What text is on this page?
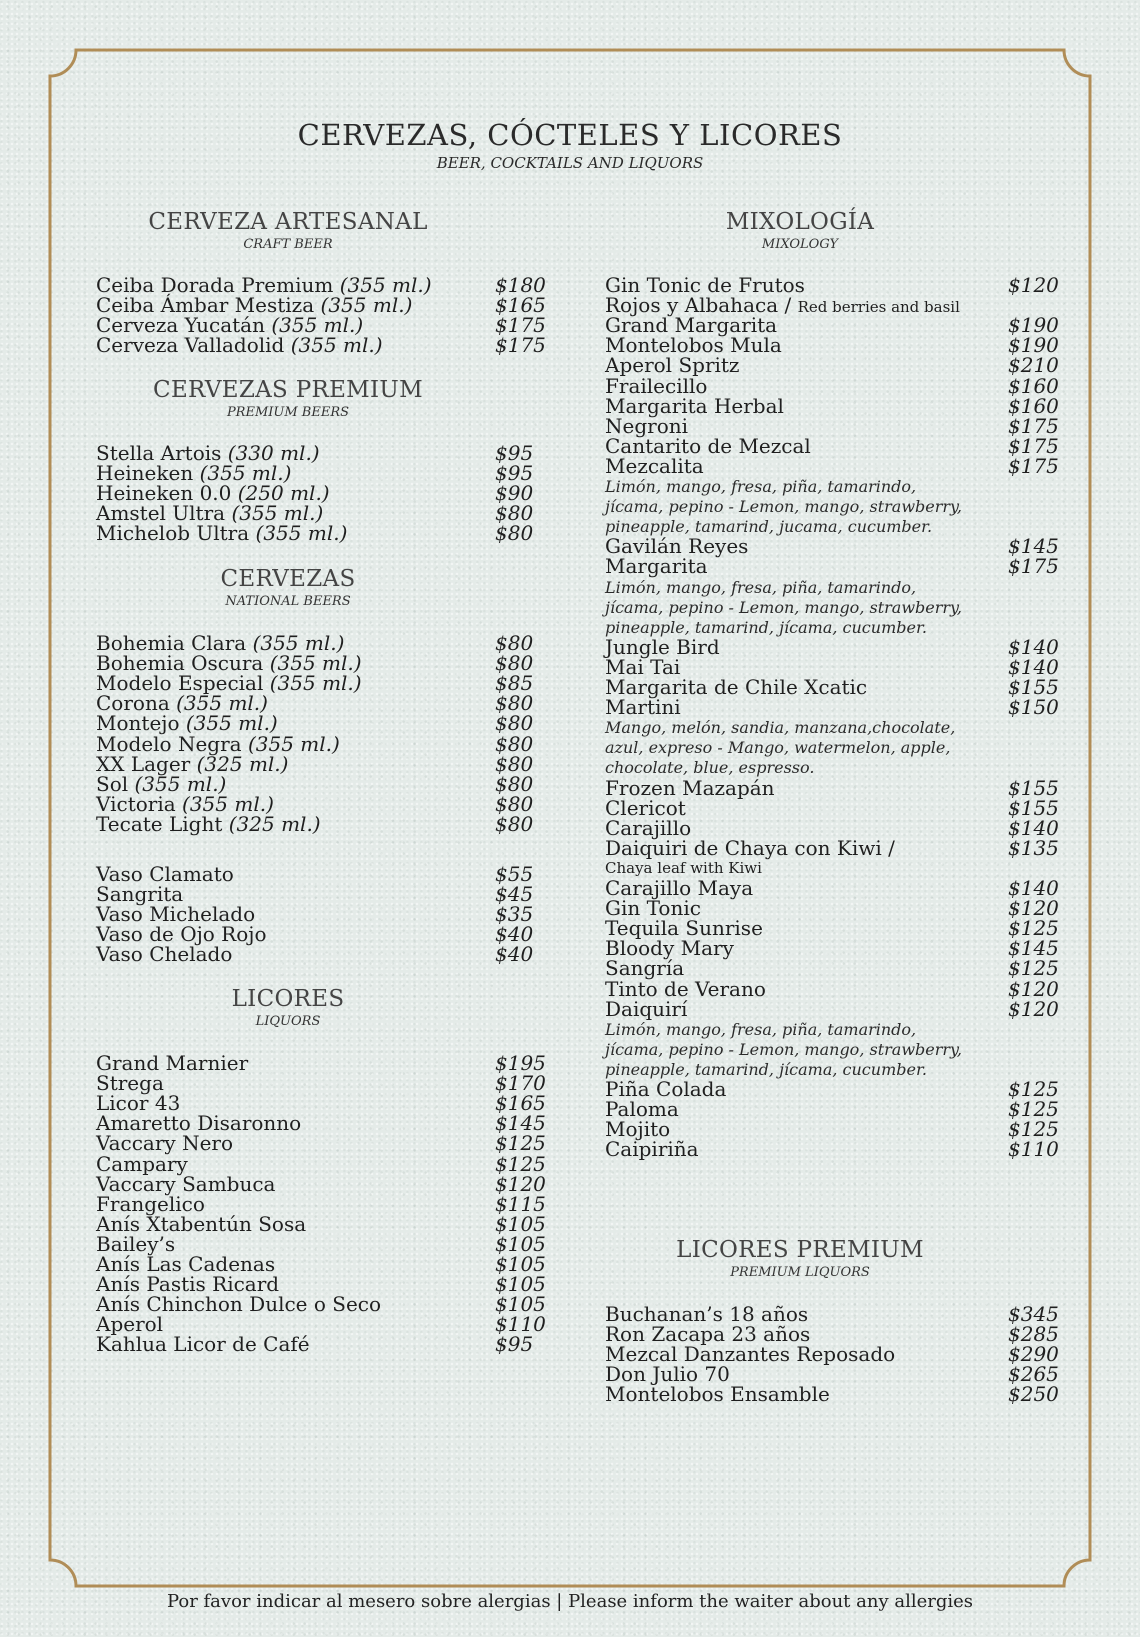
CERVEZAS, CÓCTELES Y LICORES
BEER, COCKTAILS AND LIQUORS
CERVEZA ARTESANAL
CRAFT BEER
Ceiba Dorada Premium (355 ml.)	$180
Ceiba Ámbar Mestiza (355 ml.)	$165
Cerveza Yucatán (355 ml.)	$175
Cerveza Valladolid (355 ml.)	$175
CERVEZAS PREMIUM
PREMIUM BEERS
Stella Artois (330 ml.)	$95
Heineken (355 ml.)	$95
Heineken 0.0 (250 ml.)	$90
Amstel Ultra (355 ml.)	$80
Michelob Ultra (355 ml.)	$80
CERVEZAS
NATIONAL BEERS
Bohemia Clara (355 ml.)	$80
Bohemia Oscura (355 ml.)	$80
Modelo Especial (355 ml.)	$85
Corona (355 ml.)	$80
Montejo (355 ml.)	$80
Modelo Negra (355 ml.)	$80
XX Lager (325 ml.)	$80
Sol (355 ml.)	$80
Victoria (355 ml.)	$80
Tecate Light (325 ml.)	$80
Vaso Clamato	$55
Sangrita	$45
Vaso Michelado	$35
Vaso de Ojo Rojo	$40
Vaso Chelado	$40
LICORES
LIQUORS
Grand Marnier	$195
Strega	$170
Licor 43	$165
Amaretto Disaronno	$145
Vaccary Nero	$125
Campary	$125
Vaccary Sambuca	$120
Frangelico	$115
Anís Xtabentún Sosa	$105
Bailey’s	$105
Anís Las Cadenas	$105
Anís Pastis Ricard	$105
Anís Chinchon Dulce o Seco	$105
Aperol	$110
Kahlua Licor de Café	$95
MIXOLOGÍA
MIXOLOGY
Gin Tonic de Frutos	$120
Rojos y Albahaca / Red berries and basil
Grand Margarita	$190
Montelobos Mula	$190
Aperol Spritz	$210
Frailecillo	$160
Margarita Herbal	$160
Negroni	$175
Cantarito de Mezcal	$175
Mezcalita	$175
Limón, mango, fresa, piña, tamarindo,
jícama, pepino - Lemon, mango, strawberry,
pineapple, tamarind, jucama, cucumber.
Gavilán Reyes	$145
Margarita	$175
Limón, mango, fresa, piña, tamarindo,
jícama, pepino - Lemon, mango, strawberry,
pineapple, tamarind, jícama, cucumber.
Jungle Bird	$140
Mai Tai	$140
Margarita de Chile Xcatic	$155
Martini	$150
Mango, melón, sandia, manzana,chocolate,
azul, expreso - Mango, watermelon, apple,
chocolate, blue, espresso.
Frozen Mazapán	$155
Clericot	$155
Carajillo	$140
Daiquiri de Chaya con Kiwi /	$135
Chaya leaf with Kiwi
Carajillo Maya	$140
Gin Tonic	$120
Tequila Sunrise	$125
Bloody Mary	$145
Sangría	$125
Tinto de Verano	$120
Daiquirí	$120
Limón, mango, fresa, piña, tamarindo,
jícama, pepino - Lemon, mango, strawberry,
pineapple, tamarind, jícama, cucumber.
Piña Colada	$125
Paloma	$125
Mojito	$125
Caipiriña	$110
LICORES PREMIUM
PREMIUM LIQUORS
Buchanan’s 18 años	$345
Ron Zacapa 23 años	$285
Mezcal Danzantes Reposado	$290
Don Julio 70	$265
Montelobos Ensamble	$250
Por favor indicar al mesero sobre alergias | Please inform the waiter about any allergies
